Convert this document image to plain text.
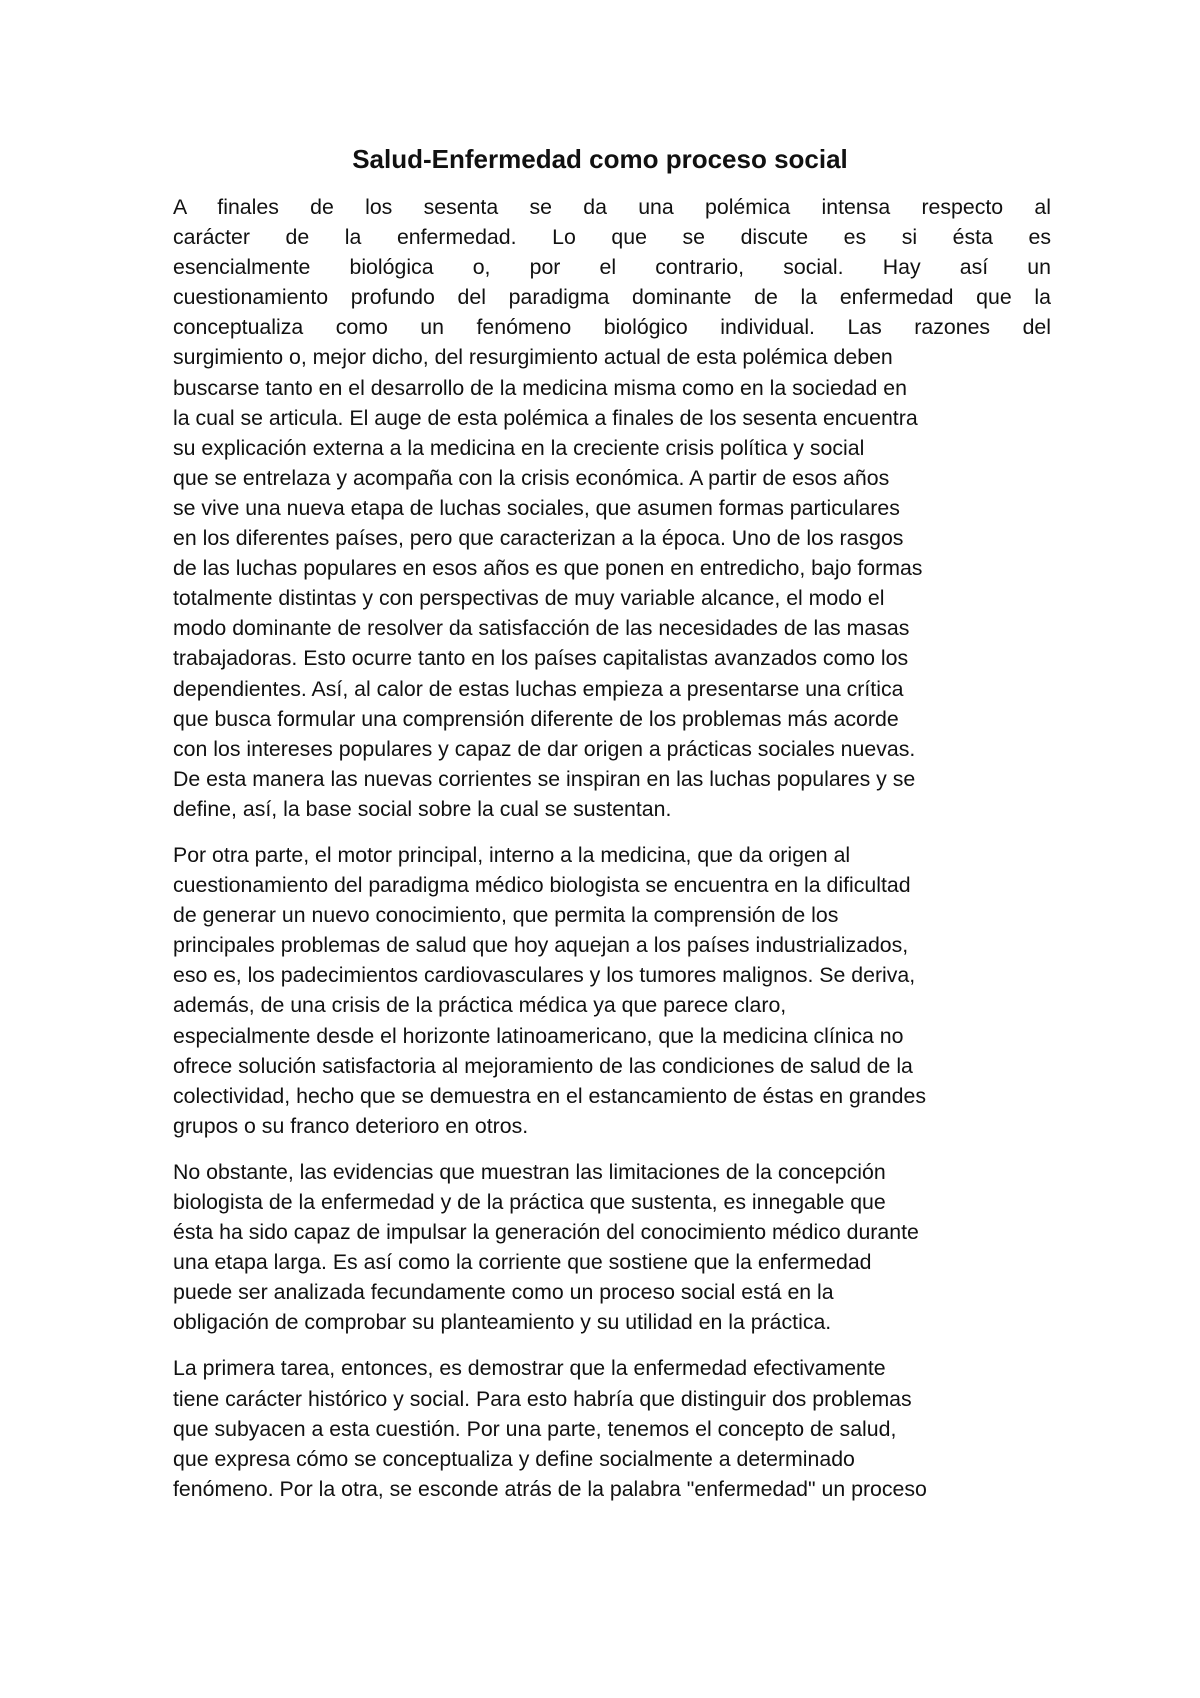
Salud-Enfermedad como proceso social
A finales de los sesenta se da una polémica intensa respecto al
carácter de la enfermedad. Lo que se discute es si ésta es
esencialmente biológica o, por el contrario, social. Hay así un
cuestionamiento profundo del paradigma dominante de la enfermedad que la
conceptualiza como un fenómeno biológico individual. Las razones del
surgimiento o, mejor dicho, del resurgimiento actual de esta polémica deben
buscarse tanto en el desarrollo de la medicina misma como en la sociedad en
la cual se articula. El auge de esta polémica a finales de los sesenta encuentra
su explicación externa a la medicina en la creciente crisis política y social
que se entrelaza y acompaña con la crisis económica. A partir de esos años
se vive una nueva etapa de luchas sociales, que asumen formas particulares
en los diferentes países, pero que caracterizan a la época. Uno de los rasgos
de las luchas populares en esos años es que ponen en entredicho, bajo formas
totalmente distintas y con perspectivas de muy variable alcance, el modo el
modo dominante de resolver da satisfacción de las necesidades de las masas
trabajadoras. Esto ocurre tanto en los países capitalistas avanzados como los
dependientes. Así, al calor de estas luchas empieza a presentarse una crítica
que busca formular una comprensión diferente de los problemas más acorde
con los intereses populares y capaz de dar origen a prácticas sociales nuevas.
De esta manera las nuevas corrientes se inspiran en las luchas populares y se
define, así, la base social sobre la cual se sustentan.
Por otra parte, el motor principal, interno a la medicina, que da origen al
cuestionamiento del paradigma médico biologista se encuentra en la dificultad
de generar un nuevo conocimiento, que permita la comprensión de los
principales problemas de salud que hoy aquejan a los países industrializados,
eso es, los padecimientos cardiovasculares y los tumores malignos. Se deriva,
además, de una crisis de la práctica médica ya que parece claro,
especialmente desde el horizonte latinoamericano, que la medicina clínica no
ofrece solución satisfactoria al mejoramiento de las condiciones de salud de la
colectividad, hecho que se demuestra en el estancamiento de éstas en grandes
grupos o su franco deterioro en otros.
No obstante, las evidencias que muestran las limitaciones de la concepción
biologista de la enfermedad y de la práctica que sustenta, es innegable que
ésta ha sido capaz de impulsar la generación del conocimiento médico durante
una etapa larga. Es así como la corriente que sostiene que la enfermedad
puede ser analizada fecundamente como un proceso social está en la
obligación de comprobar su planteamiento y su utilidad en la práctica.
La primera tarea, entonces, es demostrar que la enfermedad efectivamente
tiene carácter histórico y social. Para esto habría que distinguir dos problemas
que subyacen a esta cuestión. Por una parte, tenemos el concepto de salud,
que expresa cómo se conceptualiza y define socialmente a determinado
fenómeno. Por la otra, se esconde atrás de la palabra "enfermedad" un proceso
